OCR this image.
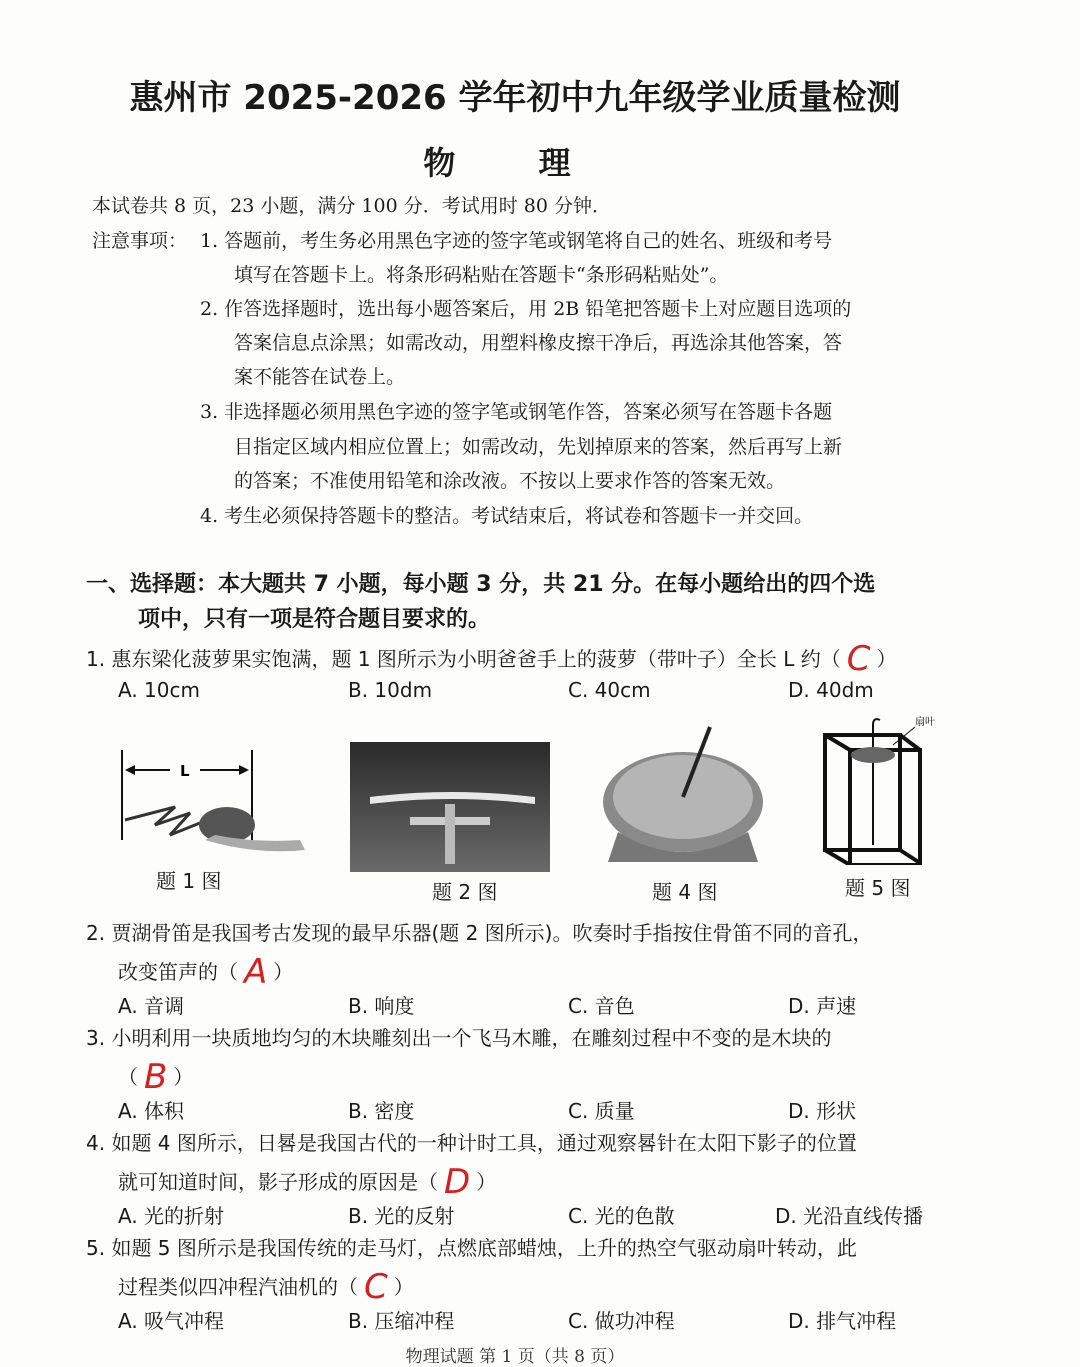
惠州市 2025-2026 学年初中九年级学业质量检测
物 理
本试卷共 8 页，23 小题，满分 100 分．考试用时 80 分钟．
注意事项： 1. 答题前，考生务必用黑色字迹的签字笔或钢笔将自己的姓名、班级和考号
填写在答题卡上。将条形码粘贴在答题卡“条形码粘贴处”。
2. 作答选择题时，选出每小题答案后，用 2B 铅笔把答题卡上对应题目选项的
答案信息点涂黑；如需改动，用塑料橡皮擦干净后，再选涂其他答案，答
案不能答在试卷上。
3. 非选择题必须用黑色字迹的签字笔或钢笔作答，答案必须写在答题卡各题
目指定区域内相应位置上；如需改动，先划掉原来的答案，然后再写上新
的答案；不准使用铅笔和涂改液。不按以上要求作答的答案无效。
4. 考生必须保持答题卡的整洁。考试结束后，将试卷和答题卡一并交回。
一、选择题：本大题共 7 小题，每小题 3 分，共 21 分。在每小题给出的四个选
项中，只有一项是符合题目要求的。
1. 惠东梁化菠萝果实饱满，题 1 图所示为小明爸爸手上的菠萝（带叶子）全长 L 约（ C ）
A. 10cm	B. 10dm	C. 40cm	D. 40dm
L
题 1 图	题 2 图	题 4 图
扇叶
题 5 图
2. 贾湖骨笛是我国考古发现的最早乐器(题 2 图所示)。吹奏时手指按住骨笛不同的音孔，
改变笛声的（ A ）
A. 音调	B. 响度	C. 音色	D. 声速
3. 小明利用一块质地均匀的木块雕刻出一个飞马木雕，在雕刻过程中不变的是木块的
（ B ）
A. 体积	B. 密度	C. 质量	D. 形状
4. 如题 4 图所示，日晷是我国古代的一种计时工具，通过观察晷针在太阳下影子的位置
就可知道时间，影子形成的原因是（ D ）
A. 光的折射	B. 光的反射	C. 光的色散	D. 光沿直线传播
5. 如题 5 图所示是我国传统的走马灯，点燃底部蜡烛，上升的热空气驱动扇叶转动，此
过程类似四冲程汽油机的（ C ）
A. 吸气冲程	B. 压缩冲程	C. 做功冲程	D. 排气冲程
物理试题 第 1 页（共 8 页）
